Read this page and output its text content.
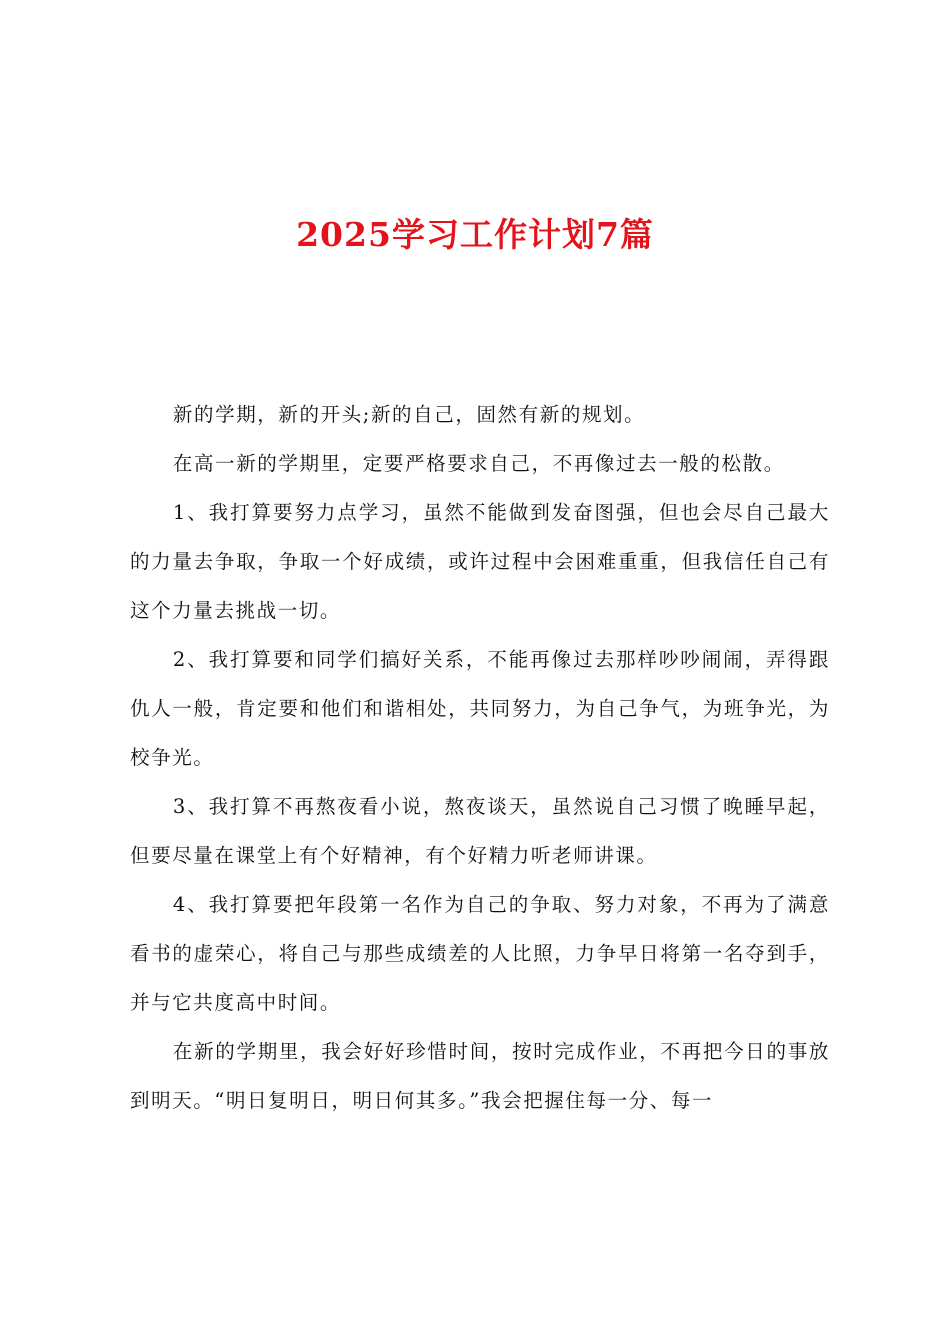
2025学习工作计划7篇

新的学期，新的开头;新的自己，固然有新的规划。

在高一新的学期里，定要严格要求自己，不再像过去一般的松散。

1、我打算要努力点学习，虽然不能做到发奋图强，但也会尽自己最大的力量去争取，争取一个好成绩，或许过程中会困难重重，但我信任自己有这个力量去挑战一切。

2、我打算要和同学们搞好关系，不能再像过去那样吵吵闹闹，弄得跟仇人一般，肯定要和他们和谐相处，共同努力，为自己争气，为班争光，为校争光。

3、我打算不再熬夜看小说，熬夜谈天，虽然说自己习惯了晚睡早起，但要尽量在课堂上有个好精神，有个好精力听老师讲课。

4、我打算要把年段第一名作为自己的争取、努力对象，不再为了满意看书的虚荣心，将自己与那些成绩差的人比照，力争早日将第一名夺到手，并与它共度高中时间。

在新的学期里，我会好好珍惜时间，按时完成作业，不再把今日的事放到明天。“明日复明日，明日何其多。”我会把握住每一分、每一
